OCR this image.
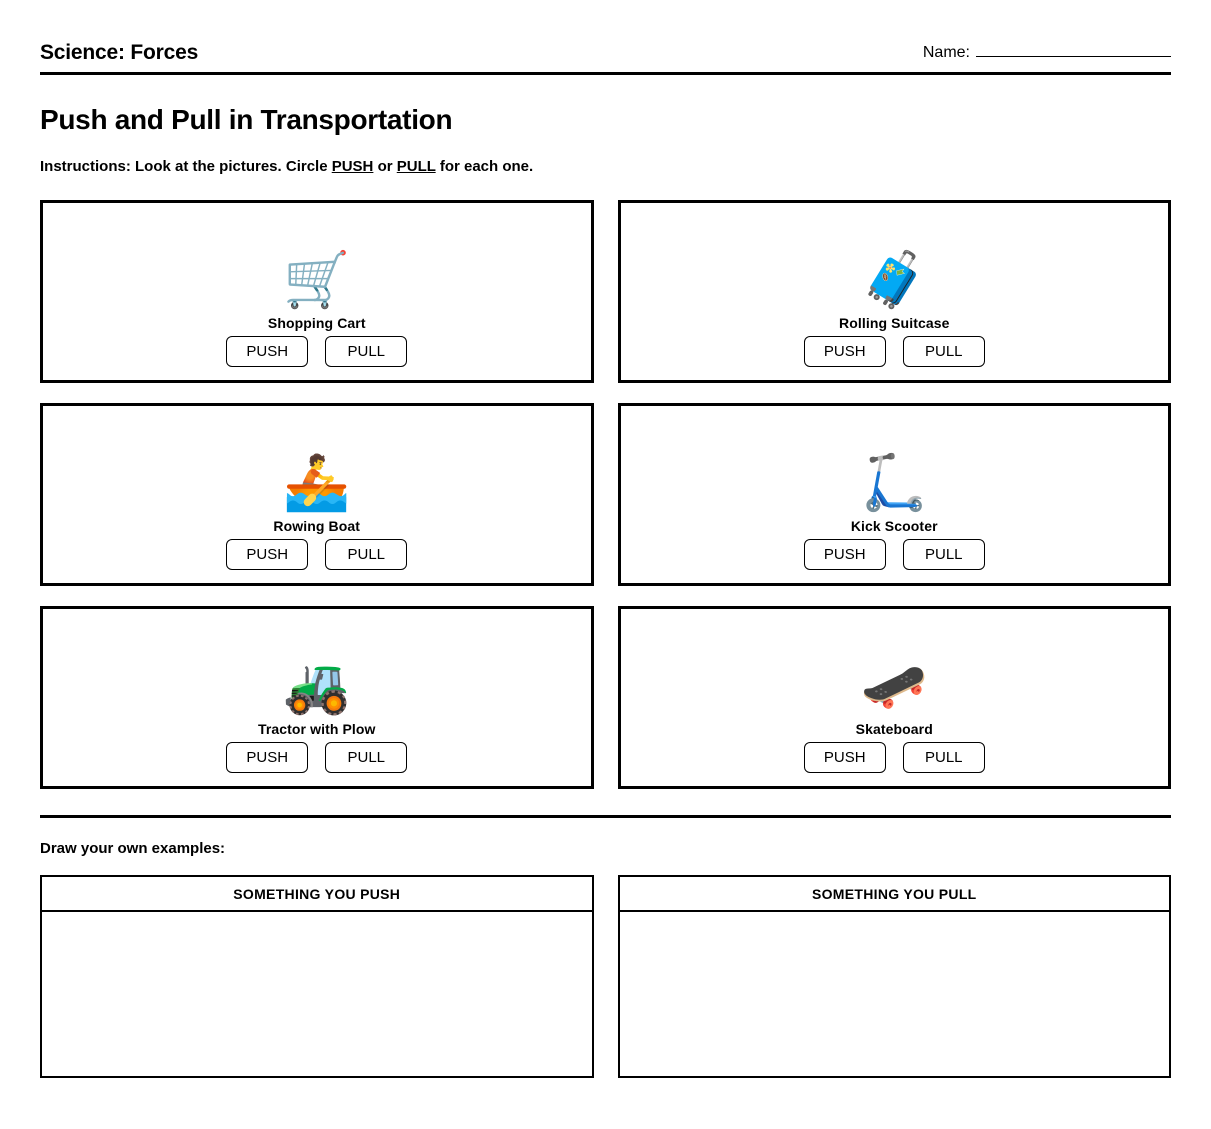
Science: Forces	Name:
Push and Pull in Transportation
Instructions: Look at the pictures. Circle PUSH or PULL for each one.
🛒
Shopping Cart
PUSH	PULL
🧳
Rolling Suitcase
PUSH	PULL
🚣
Rowing Boat
PUSH	PULL
🛴
Kick Scooter
PUSH	PULL
🚜
Tractor with Plow
PUSH	PULL
🛹
Skateboard
PUSH	PULL
Draw your own examples:
SOMETHING YOU PUSH	SOMETHING YOU PULL
